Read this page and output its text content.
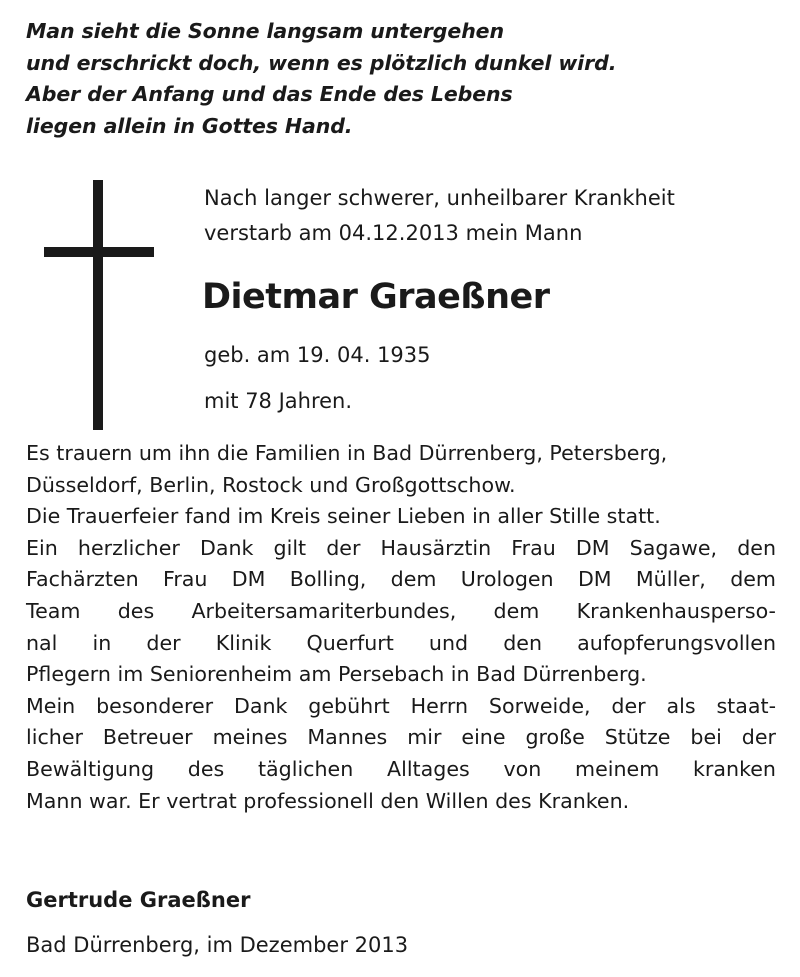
Man sieht die Sonne langsam untergehen
und erschrickt doch, wenn es plötzlich dunkel wird.
Aber der Anfang und das Ende des Lebens
liegen allein in Gottes Hand.
Nach langer schwerer, unheilbarer Krankheit
verstarb am 04.12.2013 mein Mann
Dietmar Graeßner
geb. am 19. 04. 1935
mit 78 Jahren.
Es trauern um ihn die Familien in Bad Dürrenberg, Petersberg,
Düsseldorf, Berlin, Rostock und Großgottschow.
Die Trauerfeier fand im Kreis seiner Lieben in aller Stille statt.
Ein herzlicher Dank gilt der Hausärztin Frau DM Sagawe, den
Fachärzten Frau DM Bolling, dem Urologen DM Müller, dem
Team des Arbeitersamariterbundes, dem Krankenhausperso-
nal in der Klinik Querfurt und den aufopferungsvollen
Pflegern im Seniorenheim am Persebach in Bad Dürrenberg.
Mein besonderer Dank gebührt Herrn Sorweide, der als staat-
licher Betreuer meines Mannes mir eine große Stütze bei der
Bewältigung des täglichen Alltages von meinem kranken
Mann war. Er vertrat professionell den Willen des Kranken.
Gertrude Graeßner
Bad Dürrenberg, im Dezember 2013
